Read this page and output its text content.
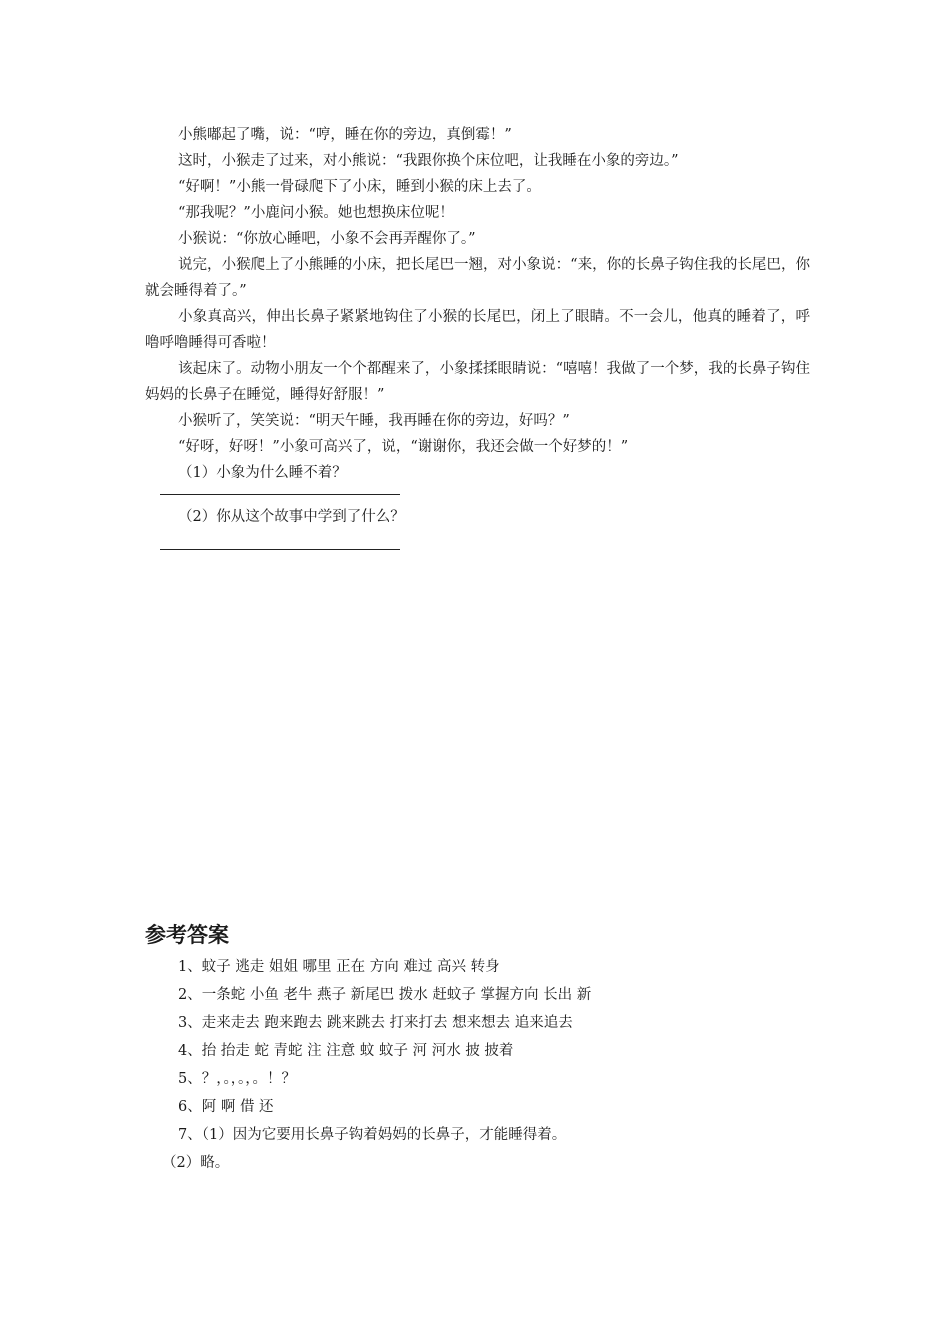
小熊嘟起了嘴，说：“哼，睡在你的旁边，真倒霉！”

这时，小猴走了过来，对小熊说：“我跟你换个床位吧，让我睡在小象的旁边。”

“好啊！”小熊一骨碌爬下了小床，睡到小猴的床上去了。

“那我呢？”小鹿问小猴。她也想换床位呢！

小猴说：“你放心睡吧，小象不会再弄醒你了。”

说完，小猴爬上了小熊睡的小床，把长尾巴一翘，对小象说：“来，你的长鼻子钩住我的长尾巴，你就会睡得着了。”

小象真高兴，伸出长鼻子紧紧地钩住了小猴的长尾巴，闭上了眼睛。不一会儿，他真的睡着了，呼噜呼噜睡得可香啦！

该起床了。动物小朋友一个个都醒来了，小象揉揉眼睛说：“嘻嘻！我做了一个梦，我的长鼻子钩住妈妈的长鼻子在睡觉，睡得好舒服！”

小猴听了，笑笑说：“明天午睡，我再睡在你的旁边，好吗？”

“好呀，好呀！”小象可高兴了，说，“谢谢你，我还会做一个好梦的！”

（1）小象为什么睡不着？

（2）你从这个故事中学到了什么？

参考答案

1、蚊子 逃走 姐姐 哪里 正在 方向 难过 高兴 转身

2、一条蛇 小鱼 老牛 燕子 新尾巴 拨水 赶蚊子 掌握方向 长出 新

3、走来走去 跑来跑去 跳来跳去 打来打去 想来想去 追来追去

4、抬 抬走 蛇 青蛇 注 注意 蚊 蚊子 河 河水 披 披着

5、？，。，。，。！？

6、阿 啊 借 还

7、（1）因为它要用长鼻子钩着妈妈的长鼻子，才能睡得着。

（2）略。
